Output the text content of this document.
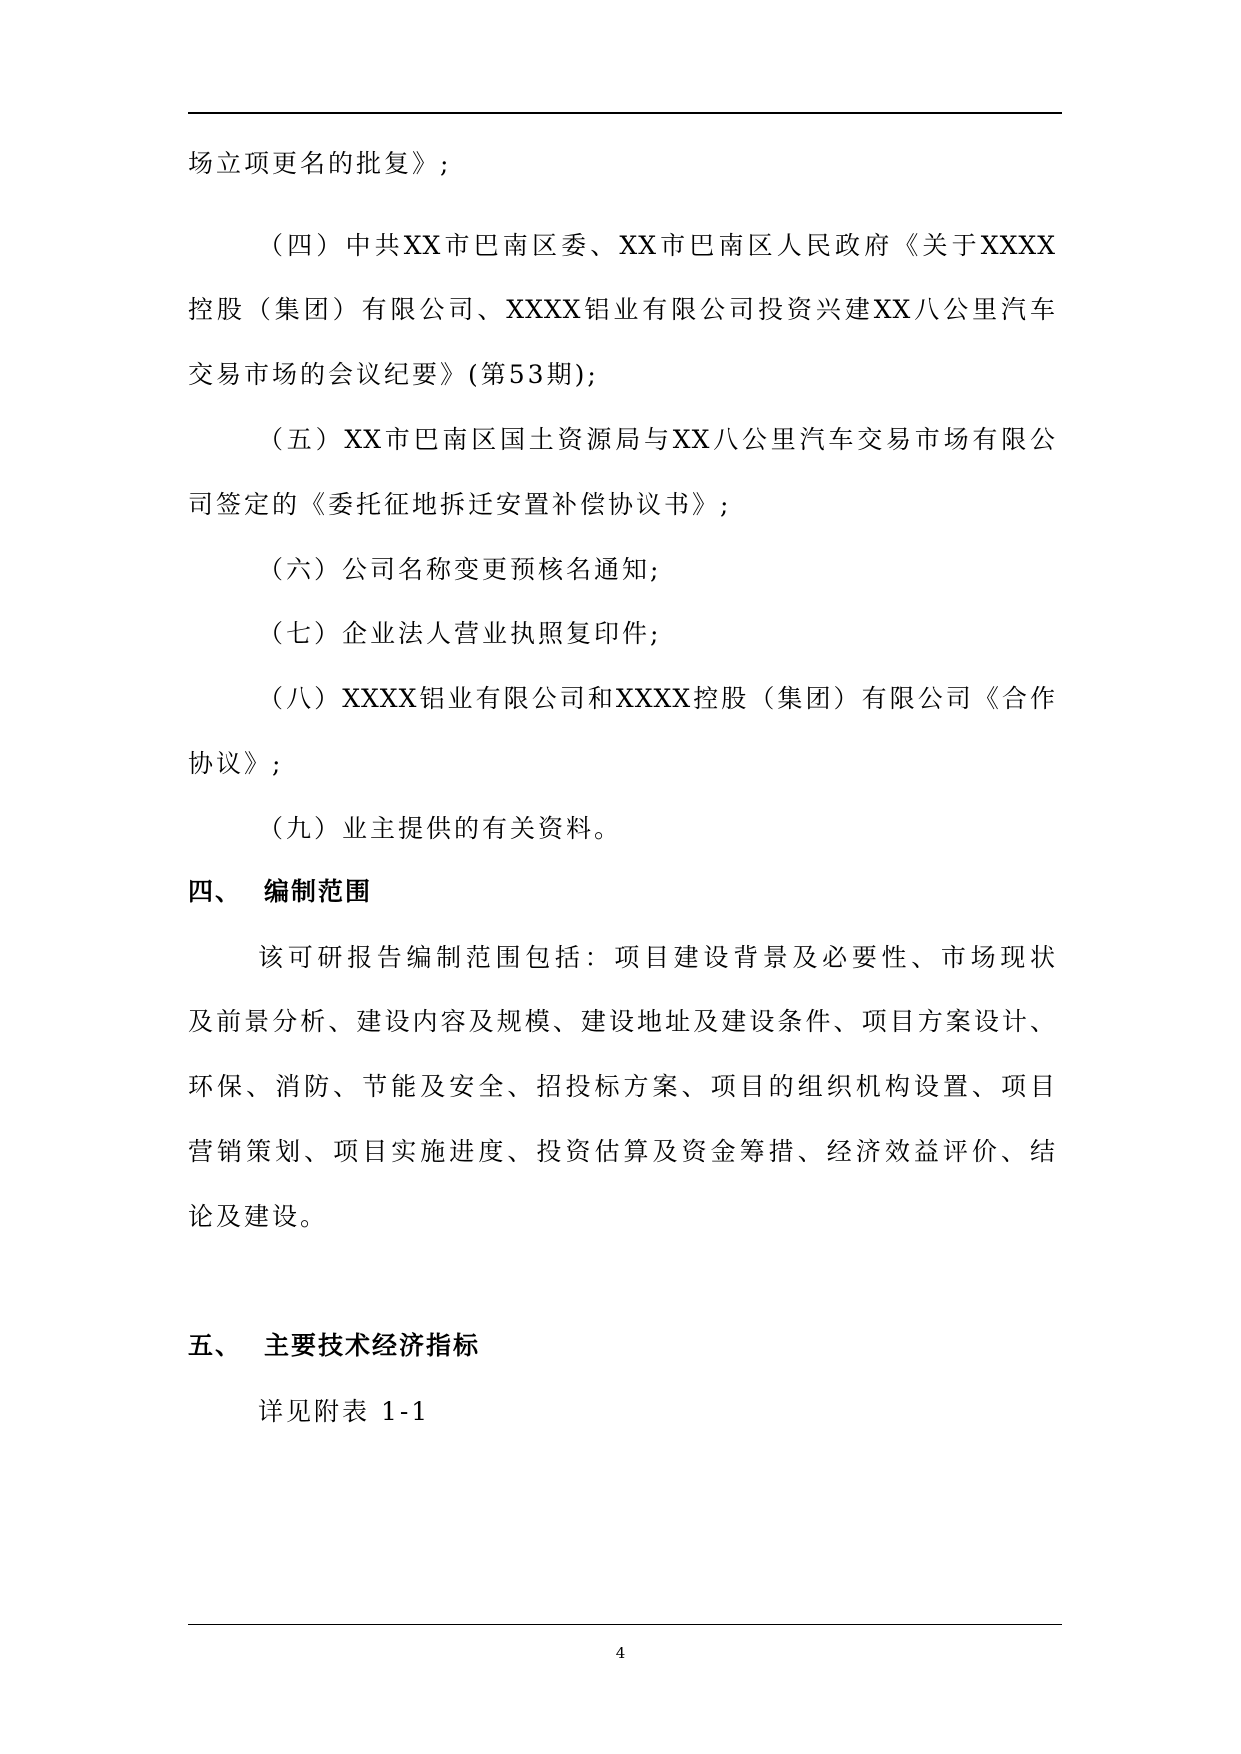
场立项更名的批复》;
（四）中共XX市巴南区委、XX市巴南区人民政府《关于XXXX
控股（集团）有限公司、XXXX铝业有限公司投资兴建XX八公里汽车
交易市场的会议纪要》(第53期);
（五）XX市巴南区国土资源局与XX八公里汽车交易市场有限公
司签定的《委托征地拆迁安置补偿协议书》;
（六）公司名称变更预核名通知;
（七）企业法人营业执照复印件;
（八）XXXX铝业有限公司和XXXX控股（集团）有限公司《合作
协议》;
（九）业主提供的有关资料。
四、 编制范围
该可研报告编制范围包括：项目建设背景及必要性、市场现状
及前景分析、建设内容及规模、建设地址及建设条件、项目方案设计、
环保、消防、节能及安全、招投标方案、项目的组织机构设置、项目
营销策划、项目实施进度、投资估算及资金筹措、经济效益评价、结
论及建设。
五、 主要技术经济指标
详见附表 1-1
4
